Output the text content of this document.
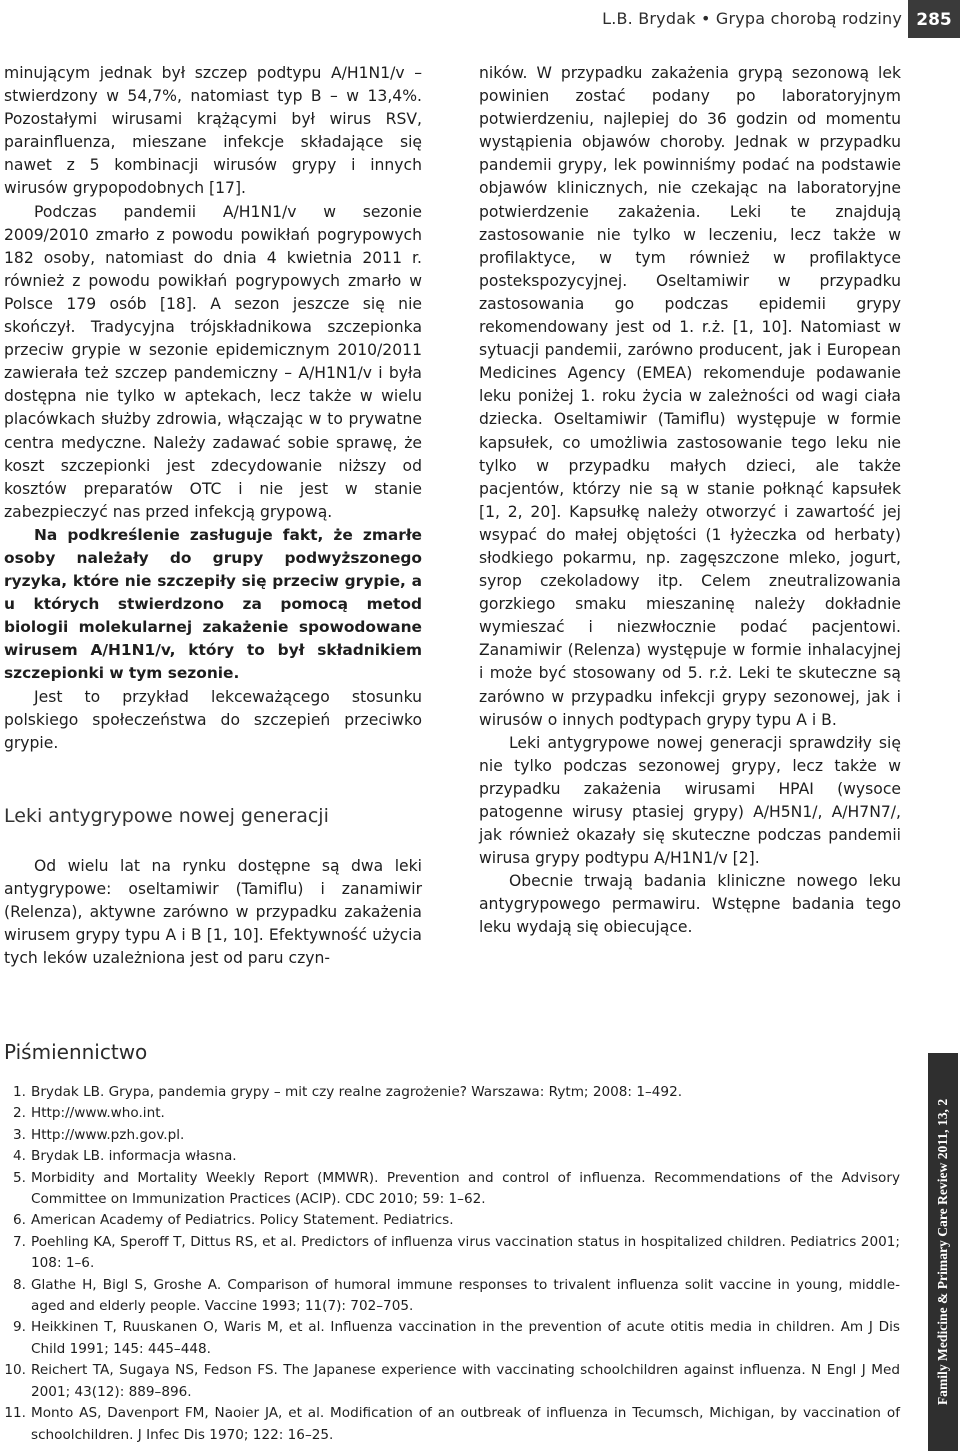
L.B. Brydak • Grypa chorobą rodziny 285

minującym jednak był szczep podtypu A/H1N1/v – stwierdzony w 54,7%, natomiast typ B – w 13,4%. Pozostałymi wirusami krążącymi był wirus RSV, parainfluenza, mieszane infekcje składające się nawet z 5 kombinacji wirusów grypy i innych wirusów grypopodobnych [17].

Podczas pandemii A/H1N1/v w sezonie 2009/2010 zmarło z powodu powikłań pogrypowych 182 osoby, natomiast do dnia 4 kwietnia 2011 r. również z powodu powikłań pogrypowych zmarło w Polsce 179 osób [18]. A sezon jeszcze się nie skończył. Tradycyjna trójskładnikowa szczepionka przeciw grypie w sezonie epidemicznym 2010/2011 zawierała też szczep pandemiczny – A/H1N1/v i była dostępna nie tylko w aptekach, lecz także w wielu placówkach służby zdrowia, włączając w to prywatne centra medyczne. Należy zadawać sobie sprawę, że koszt szczepionki jest zdecydowanie niższy od kosztów preparatów OTC i nie jest w stanie zabezpieczyć nas przed infekcją grypową.

Na podkreślenie zasługuje fakt, że zmarłe osoby należały do grupy podwyższonego ryzyka, które nie szczepiły się przeciw grypie, a u których stwierdzono za pomocą metod biologii molekularnej zakażenie spowodowane wirusem A/H1N1/v, który to był składnikiem szczepionki w tym sezonie.

Jest to przykład lekceważącego stosunku polskiego społeczeństwa do szczepień przeciwko grypie.

Leki antygrypowe nowej generacji

Od wielu lat na rynku dostępne są dwa leki antygrypowe: oseltamiwir (Tamiflu) i zanamiwir (Relenza), aktywne zarówno w przypadku zakażenia wirusem grypy typu A i B [1, 10]. Efektywność użycia tych leków uzależniona jest od paru czyn-

ników. W przypadku zakażenia grypą sezonową lek powinien zostać podany po laboratoryjnym potwierdzeniu, najlepiej do 36 godzin od momentu wystąpienia objawów choroby. Jednak w przypadku pandemii grypy, lek powinniśmy podać na podstawie objawów klinicznych, nie czekając na laboratoryjne potwierdzenie zakażenia. Leki te znajdują zastosowanie nie tylko w leczeniu, lecz także w profilaktyce, w tym również w profilaktyce postekspozycyjnej. Oseltamiwir w przypadku zastosowania go podczas epidemii grypy rekomendowany jest od 1. r.ż. [1, 10]. Natomiast w sytuacji pandemii, zarówno producent, jak i European Medicines Agency (EMEA) rekomenduje podawanie leku poniżej 1. roku życia w zależności od wagi ciała dziecka. Oseltamiwir (Tamiflu) występuje w formie kapsułek, co umożliwia zastosowanie tego leku nie tylko w przypadku małych dzieci, ale także pacjentów, którzy nie są w stanie połknąć kapsułek [1, 2, 20]. Kapsułkę należy otworzyć i zawartość jej wsypać do małej objętości (1 łyżeczka od herbaty) słodkiego pokarmu, np. zagęszczone mleko, jogurt, syrop czekoladowy itp. Celem zneutralizowania gorzkiego smaku mieszaninę należy dokładnie wymieszać i niezwłocznie podać pacjentowi. Zanamiwir (Relenza) występuje w formie inhalacyjnej i może być stosowany od 5. r.ż. Leki te skuteczne są zarówno w przypadku infekcji grypy sezonowej, jak i wirusów o innych podtypach grypy typu A i B.

Leki antygrypowe nowej generacji sprawdziły się nie tylko podczas sezonowej grypy, lecz także w przypadku zakażenia wirusami HPAI (wysoce patogenne wirusy ptasiej grypy) A/H5N1/, A/H7N7/, jak również okazały się skuteczne podczas pandemii wirusa grypy podtypu A/H1N1/v [2].

Obecnie trwają badania kliniczne nowego leku antygrypowego permawiru. Wstępne badania tego leku wydają się obiecujące.

Piśmiennictwo
1. Brydak LB. Grypa, pandemia grypy – mit czy realne zagrożenie? Warszawa: Rytm; 2008: 1–492.
2. Http://www.who.int.
3. Http://www.pzh.gov.pl.
4. Brydak LB. informacja własna.
5. Morbidity and Mortality Weekly Report (MMWR). Prevention and control of influenza. Recommendations of the Advisory Committee on Immunization Practices (ACIP). CDC 2010; 59: 1–62.
6. American Academy of Pediatrics. Policy Statement. Pediatrics.
7. Poehling KA, Speroff T, Dittus RS, et al. Predictors of influenza virus vaccination status in hospitalized children. Pediatrics 2001; 108: 1–6.
8. Glathe H, Bigl S, Groshe A. Comparison of humoral immune responses to trivalent influenza solit vaccine in young, middle-aged and elderly people. Vaccine 1993; 11(7): 702–705.
9. Heikkinen T, Ruuskanen O, Waris M, et al. Influenza vaccination in the prevention of acute otitis media in children. Am J Dis Child 1991; 145: 445–448.
10. Reichert TA, Sugaya NS, Fedson FS. The Japanese experience with vaccinating schoolchildren against influenza. N Engl J Med 2001; 43(12): 889–896.
11. Monto AS, Davenport FM, Naoier JA, et al. Modification of an outbreak of influenza in Tecumsch, Michigan, by vaccination of schoolchildren. J Infec Dis 1970; 122: 16–25.
Family Medicine & Primary Care Review 2011, 13, 2
